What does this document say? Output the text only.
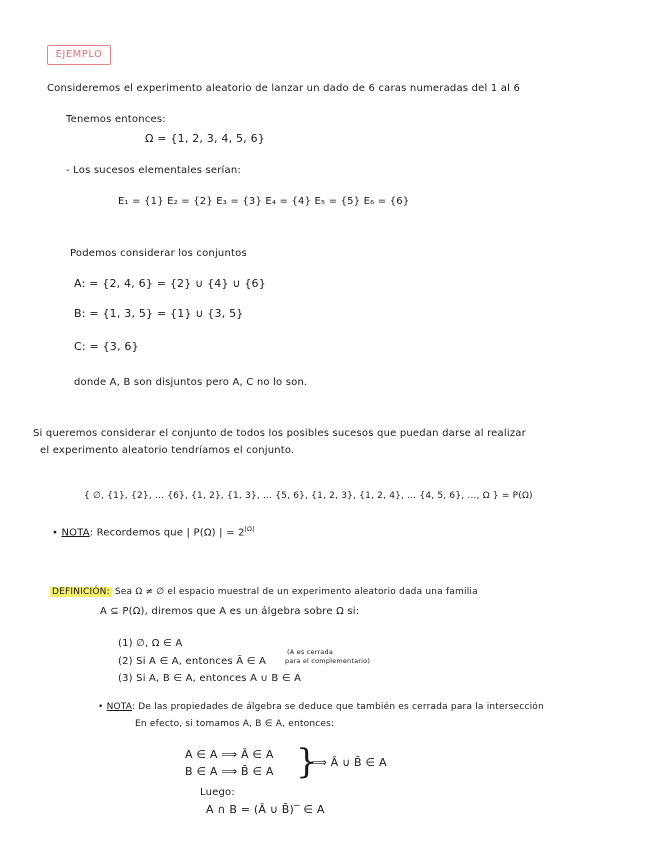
EJEMPLO
Consideremos el experimento aleatorio de lanzar un dado de 6 caras numeradas del 1 al 6
Tenemos entonces:
Ω = {1, 2, 3, 4, 5, 6}
- Los sucesos elementales serían:
E₁ = {1} E₂ = {2} E₃ = {3} E₄ = {4} E₅ = {5} E₆ = {6}
Podemos considerar los conjuntos
A: = {2, 4, 6} = {2} ∪ {4} ∪ {6}
B: = {1, 3, 5} = {1} ∪ {3, 5}
C: = {3, 6}
donde A, B son disjuntos pero A, C no lo son.
Si queremos considerar el conjunto de todos los posibles sucesos que puedan darse al realizar
el experimento aleatorio tendríamos el conjunto.
{ ∅, {1}, {2}, ... {6}, {1, 2}, {1, 3}, ... {5, 6}, {1, 2, 3}, {1, 2, 4}, ... {4, 5, 6}, ..., Ω } = P(Ω)
• NOTA: Recordemos que | P(Ω) | = $2^{|\Omega|}$
DEFINICIÓN: Sea Ω ≠ ∅ el espacio muestral de un experimento aleatorio dada una familia
A ⊆ P(Ω), diremos que A es un álgebra sobre Ω si:
(1) ∅, Ω ∈ A
(2) Si A ∈ A, entonces Ā ∈ A
(A es cerrada
para el complementario)
(3) Si A, B ∈ A, entonces A ∪ B ∈ A
• NOTA: De las propiedades de álgebra se deduce que también es cerrada para la intersección
En efecto, si tomamos A, B ∈ A, entonces:
A ∈ A ⟹ Ā ∈ A
B ∈ A ⟹ B̄ ∈ A }
⟹ Ā ∪ B̄ ∈ A
Luego:
A ∩ B = (Ā ∪ B̄)‾ ∈ A
